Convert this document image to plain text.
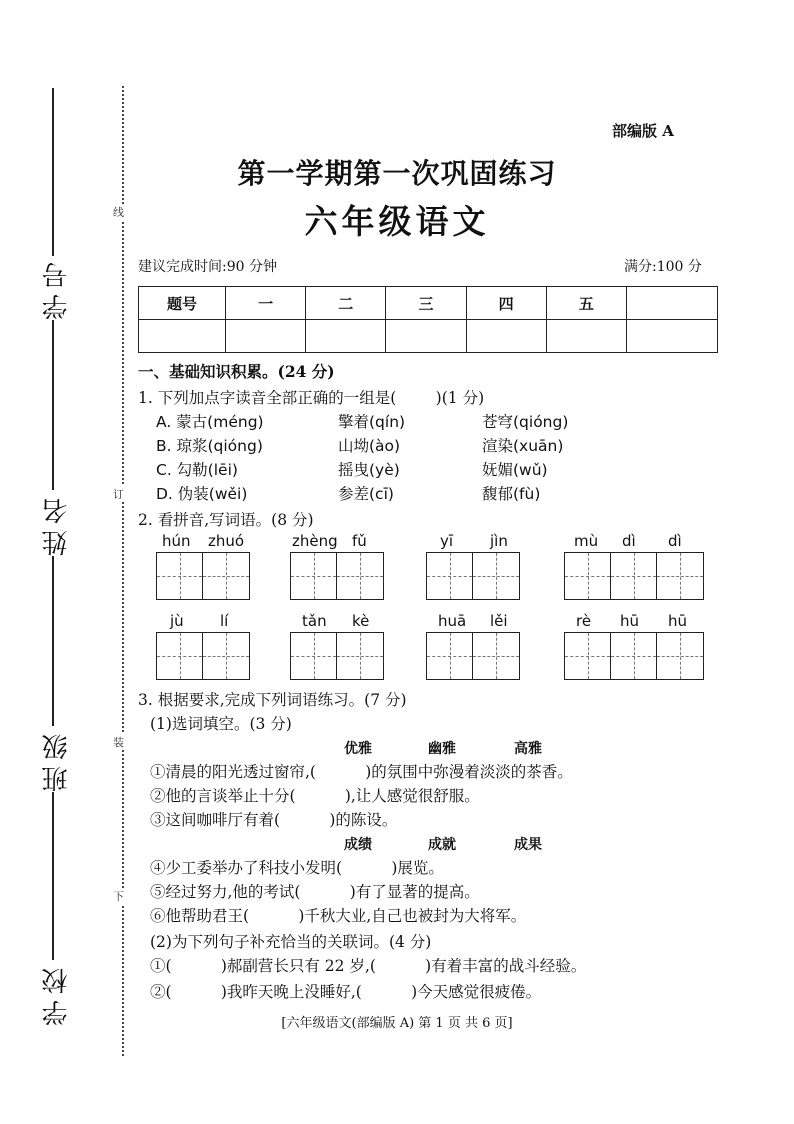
学号
姓名
班级
学校
线
订
装
下
部编版 A
第一学期第一次巩固练习
六年级语文
建议完成时间:90 分钟	满分:100 分
题号	一	二	三	四	五	

一、基础知识积累。(24 分)
1. 下列加点字读音全部正确的一组是(        )(1 分)
A. 蒙古(méng)	擎着(qín)	苍穹(qióng)
B. 琼浆(qióng)	山坳(ào)	渲染(xuān)
C. 勾勒(lēi)	摇曳(yè)	妩媚(wǔ)
D. 伪装(wěi)	参差(cī)	馥郁(fù)
2. 看拼音,写词语。(8 分)
hún zhuó	zhèng fǔ	yī jìn	mù dì dì
jù lí	tǎn kè	huā lěi	rè hū hū
3. 根据要求,完成下列词语练习。(7 分)
(1)选词填空。(3 分)
优雅	幽雅	高雅
①清晨的阳光透过窗帘,(          )的氛围中弥漫着淡淡的茶香。
②他的言谈举止十分(          ),让人感觉很舒服。
③这间咖啡厅有着(          )的陈设。
成绩	成就	成果
④少工委举办了科技小发明(          )展览。
⑤经过努力,他的考试(          )有了显著的提高。
⑥他帮助君王(          )千秋大业,自己也被封为大将军。
(2)为下列句子补充恰当的关联词。(4 分)
①(          )郝副营长只有 22 岁,(          )有着丰富的战斗经验。
②(          )我昨天晚上没睡好,(          )今天感觉很疲倦。
[六年级语文(部编版 A) 第 1 页 共 6 页]
